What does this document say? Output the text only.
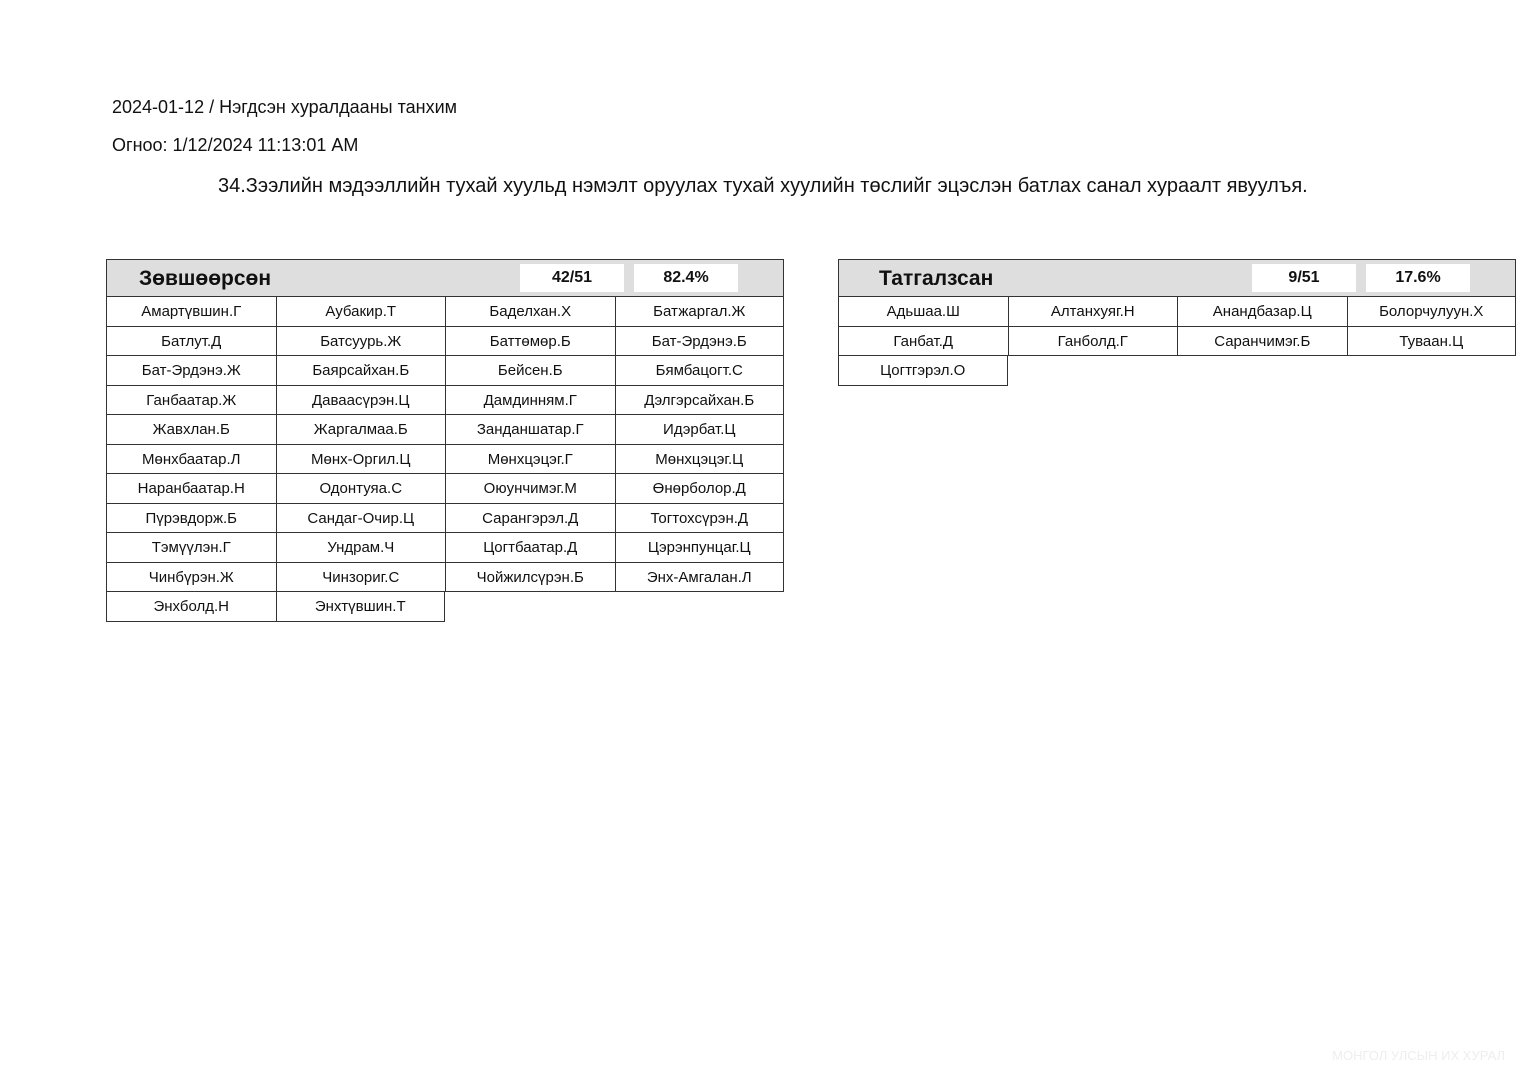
2024-01-12 / Нэгдсэн хуралдааны танхим
Огноо: 1/12/2024 11:13:01 AM
34.Зээлийн мэдээллийн тухай хуульд нэмэлт оруулах тухай хуулийн төслийг эцэслэн батлах санал хураалт явуулъя.
Зөвшөөрсөн	42/51	82.4%
Амартүвшин.Г	Аубакир.Т	Баделхан.Х	Батжаргал.Ж
Батлут.Д	Батсуурь.Ж	Баттөмөр.Б	Бат-Эрдэнэ.Б
Бат-Эрдэнэ.Ж	Баярсайхан.Б	Бейсен.Б	Бямбацогт.С
Ганбаатар.Ж	Даваасүрэн.Ц	Дамдинням.Г	Дэлгэрсайхан.Б
Жавхлан.Б	Жаргалмаа.Б	Занданшатар.Г	Идэрбат.Ц
Мөнхбаатар.Л	Мөнх-Оргил.Ц	Мөнхцэцэг.Г	Мөнхцэцэг.Ц
Наранбаатар.Н	Одонтуяа.С	Оюунчимэг.М	Өнөрболор.Д
Пүрэвдорж.Б	Сандаг-Очир.Ц	Сарангэрэл.Д	Тогтохсүрэн.Д
Тэмүүлэн.Г	Ундрам.Ч	Цогтбаатар.Д	Цэрэнпунцаг.Ц
Чинбүрэн.Ж	Чинзориг.С	Чойжилсүрэн.Б	Энх-Амгалан.Л
Энхболд.Н	Энхтүвшин.Т
Татгалзсан	9/51	17.6%
Адьшаа.Ш	Алтанхуяг.Н	Анандбазар.Ц	Болорчулуун.Х
Ганбат.Д	Ганболд.Г	Саранчимэг.Б	Туваан.Ц
Цогтгэрэл.О
МОНГОЛ УЛСЫН ИХ ХУРАЛ
